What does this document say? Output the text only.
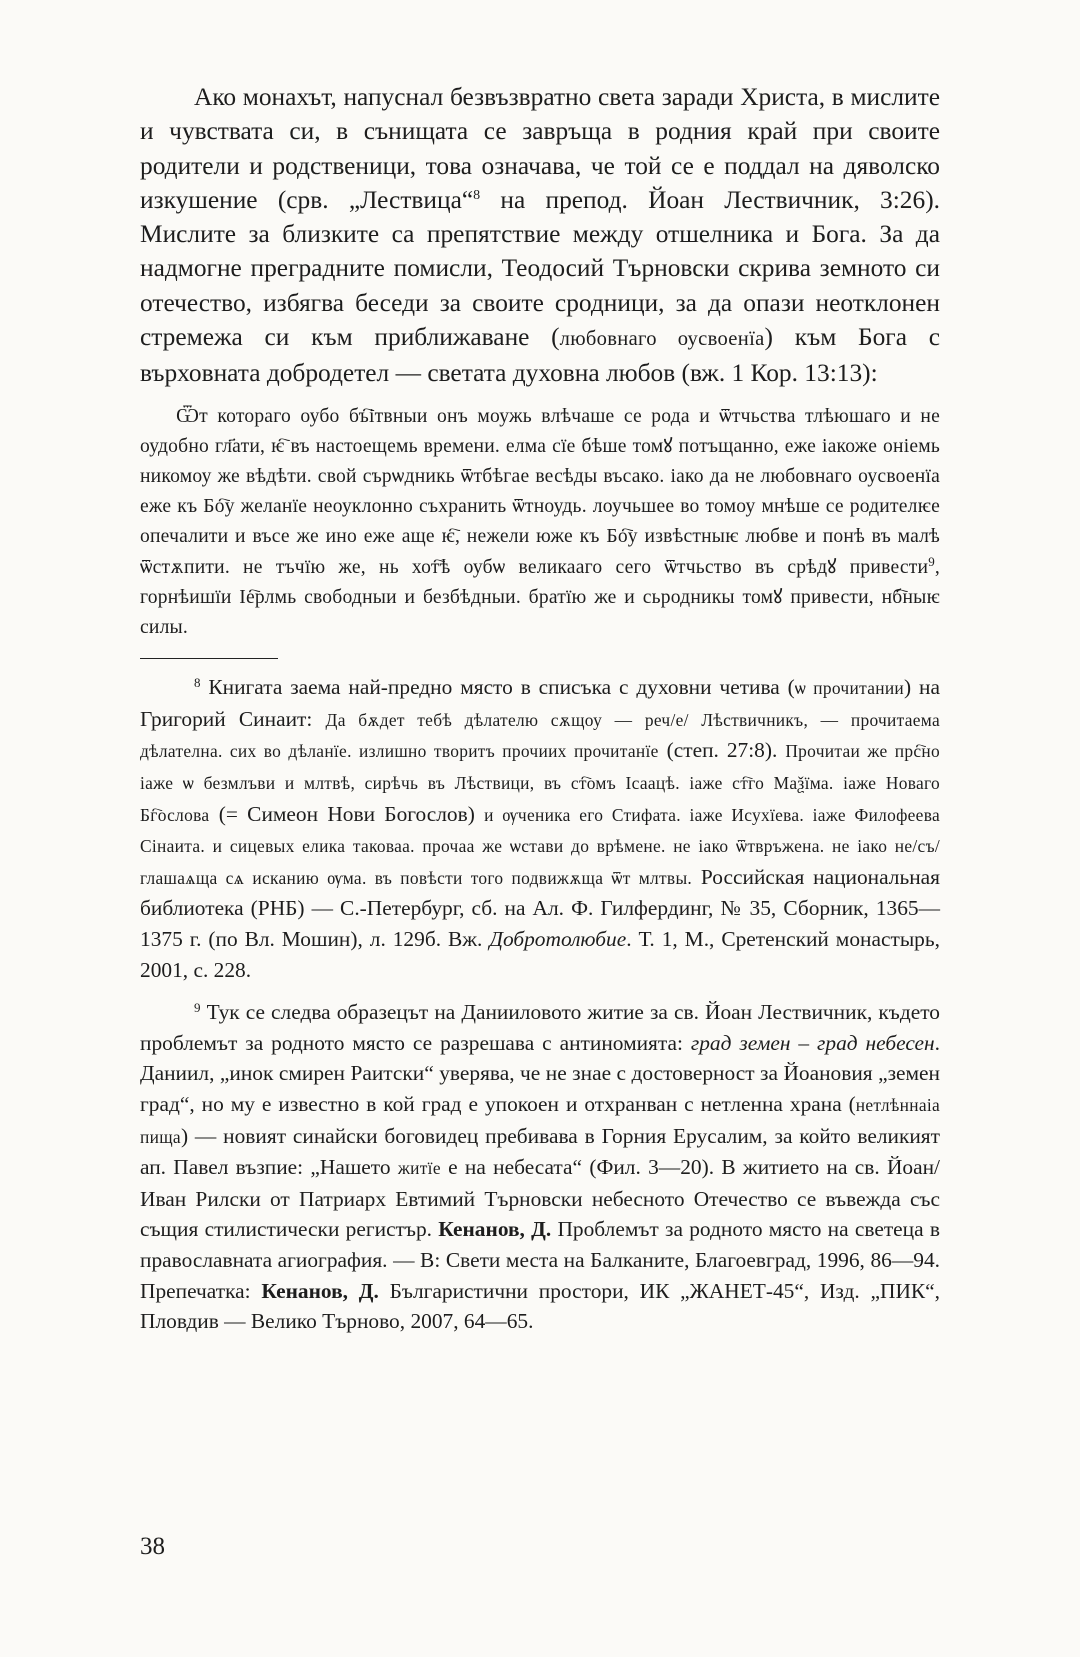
Ако монахът, напуснал безвъзвратно света заради Христа, в мислите и чувствата си, в сънищата се завръща в родния край при своите родители и родственици, това означава, че той се е поддал на дяволско изкушение (срв. „Лествица“$^8$ на препод. Йоан Лествичник, 3:26). Мислите за близките са препятствие между отшелника и Бога. За да надмогне преградните помисли, Теодосий Търновски скрива земното си отечество, избягва беседи за своите сродници, за да опази неотклонен стремежа си към приближаване (любовнаго оусвоенїа) към Бога с върховната добродетел — светата духовна любов (вж. 1 Кор. 13:13):

Ѿт котораго оубо бъ҇ітвныи онъ моужь влѣчаше се рода и ѿтчьства тлѣюшаго и не оудобно гл҃ати, ѥ҇ въ настоещемь времени. елма сїе бѣше томꙋ потъщанно, еже іакоже оніемь никомоу же вѣдѣти. свой сърѡдникь ѿтбѣгае весѣды въсако. іако да не любовнаго оусвоенїа еже къ Бо҇у желанїе неоуклонно съхранить ѿтноудь. лоучьшее во томоу мнѣше се родителѥе опечалити и въсе же ино еже аще ѥ҇, нежели юже къ Бо҇у извѣстныѥ любве и понѣ въ малѣ ѿстѫпити. не тъчїю же, нь хот҇ѣ оубѡ великааго сего ѿтчьство въ срѣдꙋ привести$^9$, горнѣишїи Іе҇рлмь свободныи и безбѣдныи. братїю же и сьродникы томꙋ привести, нб҇ныѥ силы.

$^8$ Книгата заема най-предно място в списъка с духовни четива (ѡ прочитании) на Григорий Синаит: Да бѫдет тебѣ дѣлателю сѫщоу — реч/е/ Лѣствичникъ, — прочитаема дѣлателна. сих во дѣланїе. излишно творитъ прочиих прочитанїе (степ. 27:8). Прочитаи же прс҇но іаже ѡ безмлъви и млтвѣ, сирѣчь въ Лѣствици, въ ст҇омъ Ісаацѣ. іаже ст҇го Маѯїма. іаже Новаго Бг҇ослова (= Симеон Нови Богослов) и ѹченика его Стифата. іаже Исухїева. іаже Филофеева Сінаита. и сицевых елика таковаа. прочаа же ѡстави до врѣмене. не іако ѿтвръжена. не іако не/съ/глашаѧща сѧ исканию ѹма. въ повѣсти того подвижѫща ѿт млтвы. Российская национальная библиотека (РНБ) — С.-Петербург, сб. на Ал. Ф. Гилфердинг, № 35, Сборник, 1365—1375 г. (по Вл. Мошин), л. 129б. Вж. Добротолюбие. Т. 1, М., Сретенский монастырь, 2001, с. 228.

$^9$ Тук се следва образецът на Данииловото житие за св. Йоан Лествичник, където проблемът за родното място се разрешава с антиномията: град земен – град небесен. Даниил, „инок смирен Раитски“ уверява, че не знае с достоверност за Йоановия „земен град“, но му е известно в кой град е упокоен и отхранван с нетленна храна (нетлѣннаіа пища) — новият синайски боговидец пребивава в Горния Ерусалим, за който великият ап. Павел възпие: „Нашето житїе е на небесата“ (Фил. 3—20). В житието на св. Йоан/Иван Рилски от Патриарх Евтимий Търновски небесното Отечество се въвежда със същия стилистически регистър. Кенанов, Д. Проблемът за родното място на светеца в православната агиография. — В: Свети места на Балканите, Благоевград, 1996, 86—94. Препечатка: Кенанов, Д. Българистични простори, ИК „ЖАНЕТ-45“, Изд. „ПИК“, Пловдив — Велико Търново, 2007, 64—65.

38
